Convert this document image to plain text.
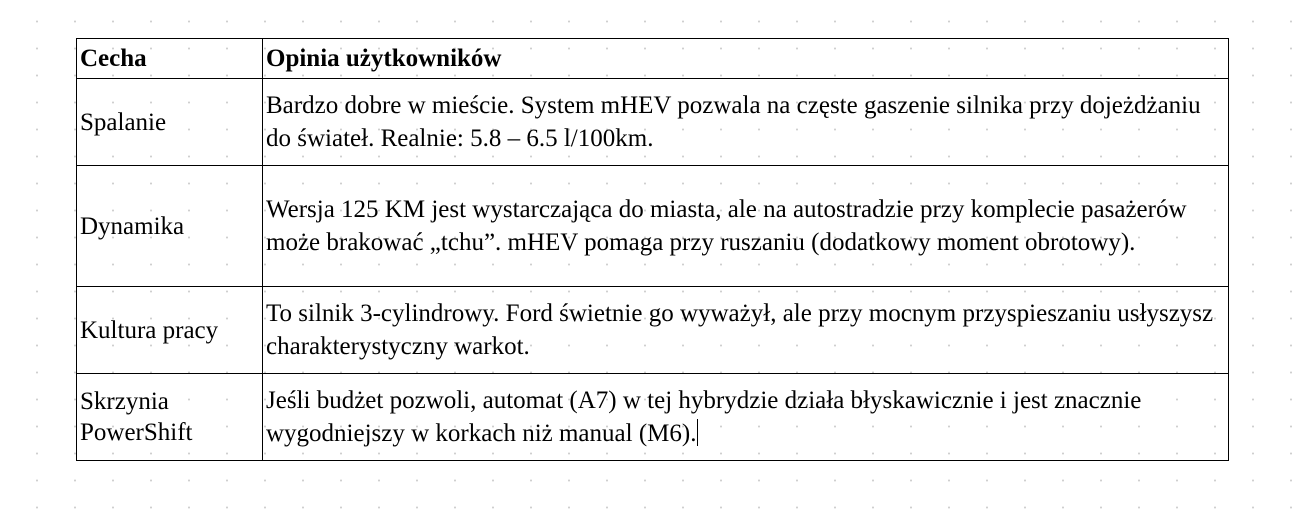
Cecha	Opinia użytkowników
Spalanie	Bardzo dobre w mieście. System mHEV pozwala na częste gaszenie silnika przy dojeżdżaniu do świateł. Realnie: 5.8 – 6.5 l/100km.
Dynamika	Wersja 125 KM jest wystarczająca do miasta, ale na autostradzie przy komplecie pasażerów może brakować „tchu”. mHEV pomaga przy ruszaniu (dodatkowy moment obrotowy).
Kultura pracy	To silnik 3-cylindrowy. Ford świetnie go wyważył, ale przy mocnym przyspieszaniu usłyszysz charakterystyczny warkot.
Skrzynia PowerShift	Jeśli budżet pozwoli, automat (A7) w tej hybrydzie działa błyskawicznie i jest znacznie wygodniejszy w korkach niż manual (M6).
